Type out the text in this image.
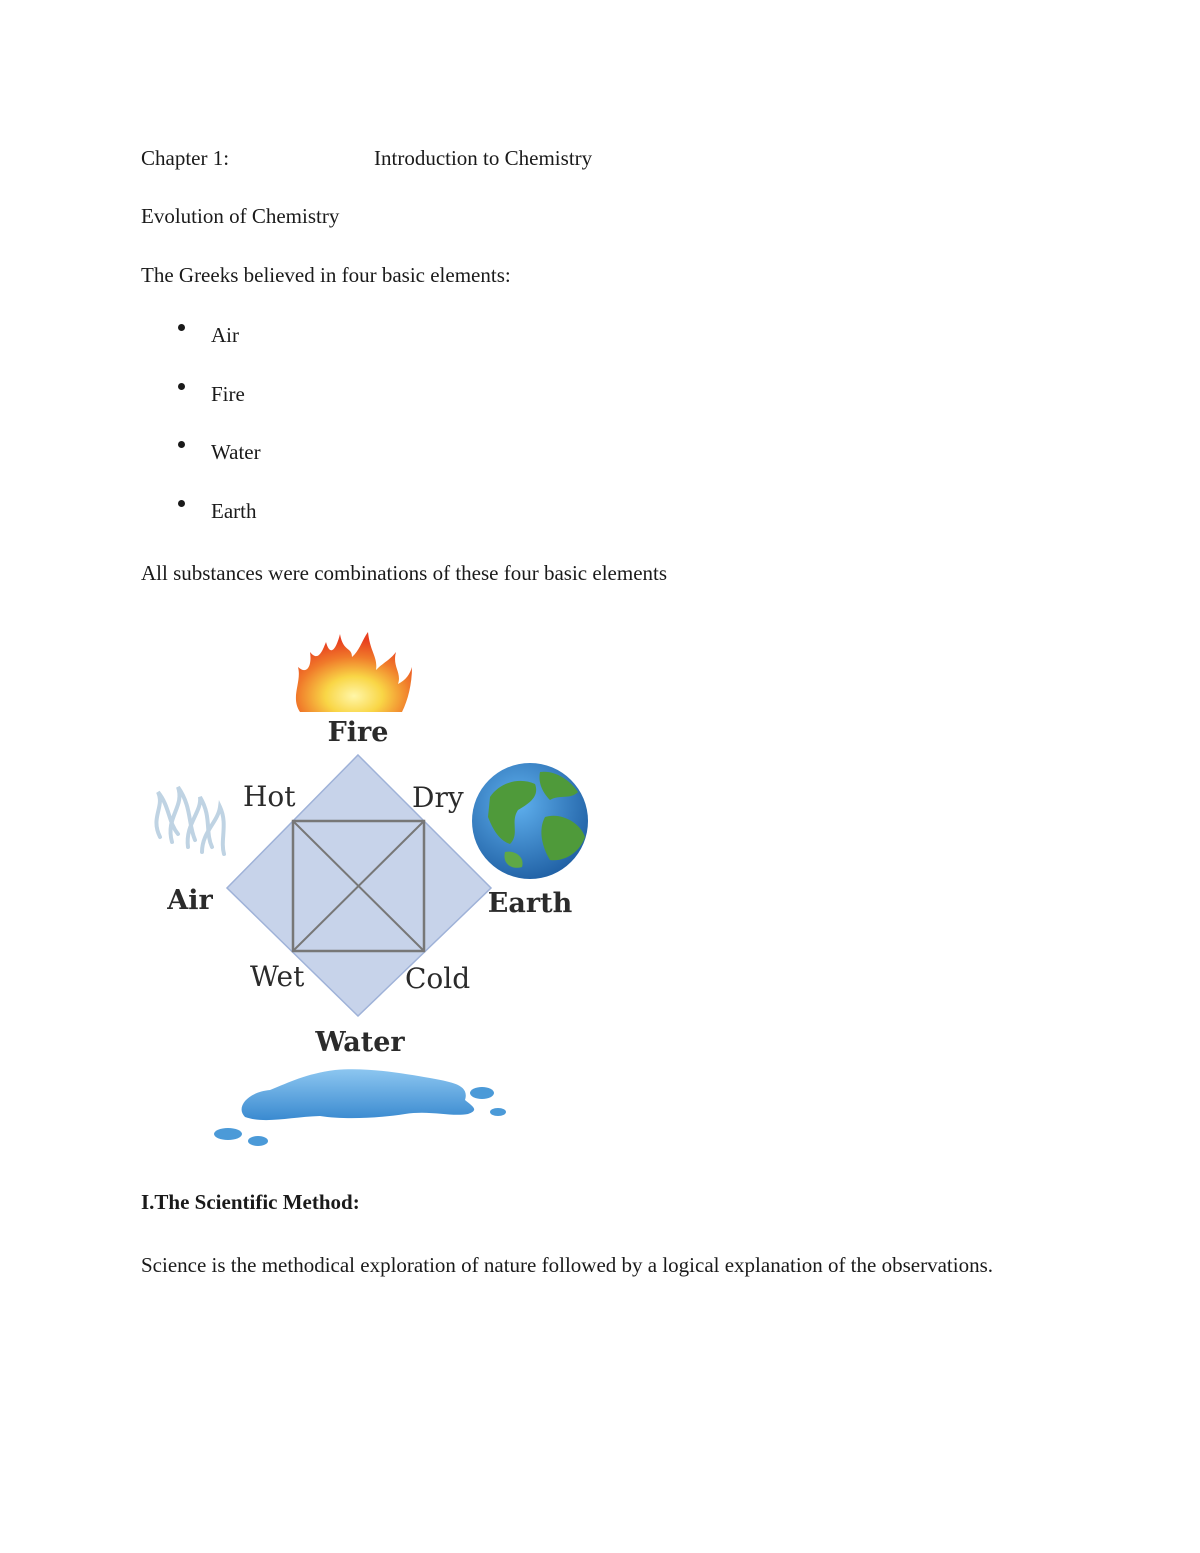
Chapter 1:	Introduction to Chemistry
Evolution of Chemistry
The Greeks believed in four basic elements:
Air
Fire
Water
Earth
All substances were combinations of these four basic elements
Fire
Hot	Dry
Wet	Cold
Air	Earth
Water
I.The Scientific Method:
Science is the methodical exploration of nature followed by a logical explanation of the observations.
